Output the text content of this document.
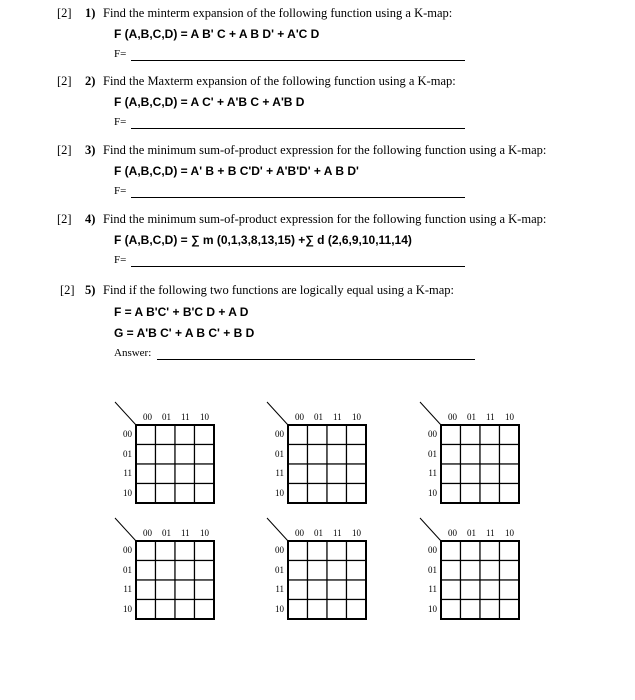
[2] 1) Find the minterm expansion of the following function using a K-map:
F (A,B,C,D) = A B' C + A B D' + A'C D
F=
[2] 2) Find the Maxterm expansion of the following function using a K-map:
F (A,B,C,D) = A C' + A'B C + A'B D
F=
[2] 3) Find the minimum sum-of-product expression for the following function using a K-map:
F (A,B,C,D) = A' B + B C'D' + A'B'D' + A B D'
F=
[2] 4) Find the minimum sum-of-product expression for the following function using a K-map:
F (A,B,C,D) = ∑ m (0,1,3,8,13,15) +∑ d (2,6,9,10,11,14)
F=
[2] 5) Find if the following two functions are logically equal using a K-map:
F = A B'C' + B'C D + A D
G = A'B C' + A B C' + B D
Answer:
00 01 11 10
00
01
11
10
00 01 11 10
00
01
11
10
00 01 11 10
00
01
11
10
00 01 11 10
00
01
11
10
00 01 11 10
00
01
11
10
00 01 11 10
00
01
11
10
